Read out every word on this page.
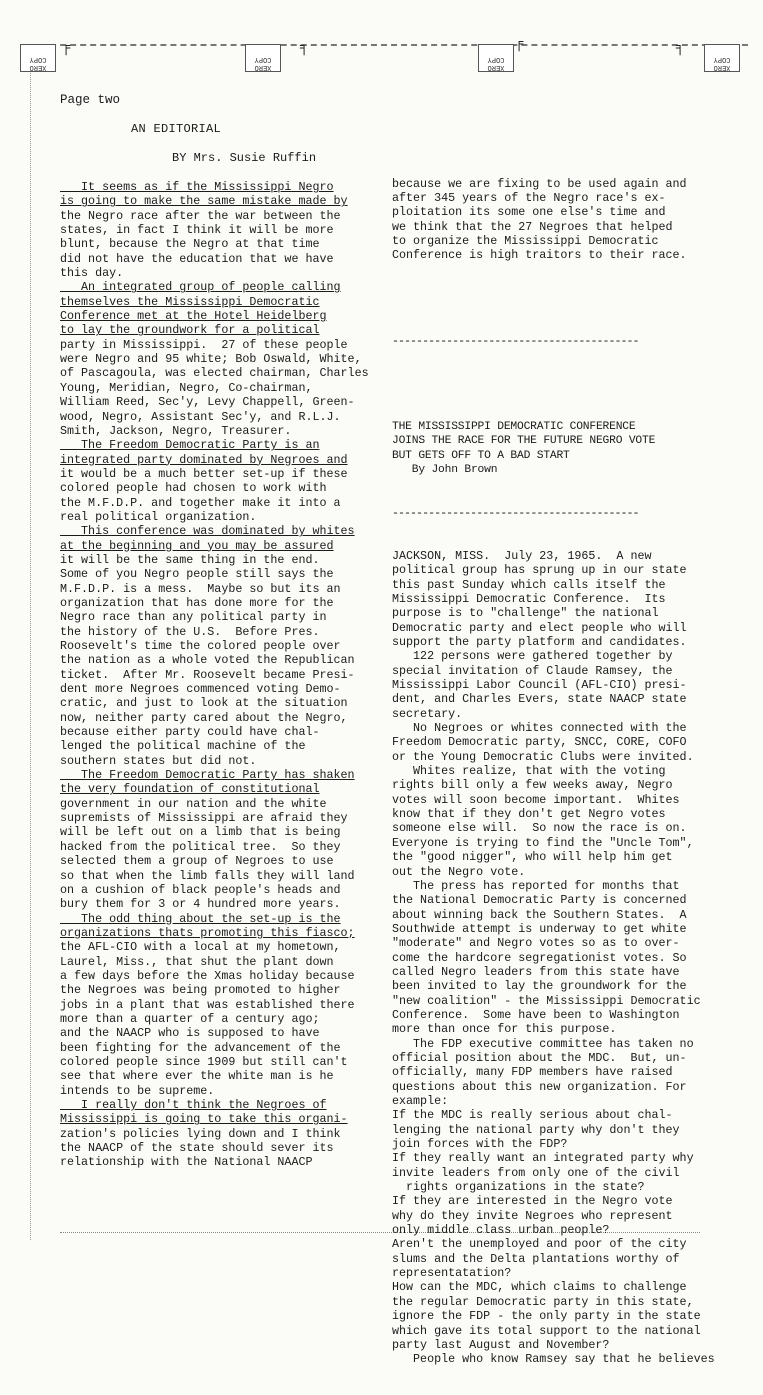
XERO COPY
XERO COPY
XERO COPY
XERO COPY
╒	╕	╒	╕
Page two
AN EDITORIAL
BY Mrs. Susie Ruffin
It seems as if the Mississippi Negro
is going to make the same mistake made by
the Negro race after the war between the
states, in fact I think it will be more
blunt, because the Negro at that time
did not have the education that we have
this day.
An integrated group of people calling
themselves the Mississippi Democratic
Conference met at the Hotel Heidelberg
to lay the groundwork for a political
party in Mississippi.  27 of these people
were Negro and 95 white; Bob Oswald, White,
of Pascagoula, was elected chairman, Charles
Young, Meridian, Negro, Co-chairman,
William Reed, Sec'y, Levy Chappell, Green-
wood, Negro, Assistant Sec'y, and R.L.J.
Smith, Jackson, Negro, Treasurer.
The Freedom Democratic Party is an
integrated party dominated by Negroes and
it would be a much better set-up if these
colored people had chosen to work with
the M.F.D.P. and together make it into a
real political organization.
This conference was dominated by whites
at the beginning and you may be assured
it will be the same thing in the end.
Some of you Negro people still says the
M.F.D.P. is a mess.  Maybe so but its an
organization that has done more for the
Negro race than any political party in
the history of the U.S.  Before Pres.
Roosevelt's time the colored people over
the nation as a whole voted the Republican
ticket.  After Mr. Roosevelt became Presi-
dent more Negroes commenced voting Demo-
cratic, and just to look at the situation
now, neither party cared about the Negro,
because either party could have chal-
lenged the political machine of the
southern states but did not.
The Freedom Democratic Party has shaken
the very foundation of constitutional
government in our nation and the white
supremists of Mississippi are afraid they
will be left out on a limb that is being
hacked from the political tree.  So they
selected them a group of Negroes to use
so that when the limb falls they will land
on a cushion of black people's heads and
bury them for 3 or 4 hundred more years.
The odd thing about the set-up is the
organizations thats promoting this fiasco;
the AFL-CIO with a local at my hometown,
Laurel, Miss., that shut the plant down
a few days before the Xmas holiday because
the Negroes was being promoted to higher
jobs in a plant that was established there
more than a quarter of a century ago;
and the NAACP who is supposed to have
been fighting for the advancement of the
colored people since 1909 but still can't
see that where ever the white man is he
intends to be supreme.
I really don't think the Negroes of
Mississippi is going to take this organi-
zation's policies lying down and I think
the NAACP of the state should sever its
relationship with the National NAACP

because we are fixing to be used again and
after 345 years of the Negro race's ex-
ploitation its some one else's time and
we think that the 27 Negroes that helped
to organize the Mississippi Democratic
Conference is high traitors to their race.

-----------------------------------------

THE MISSISSIPPI DEMOCRATIC CONFERENCE
JOINS THE RACE FOR THE FUTURE NEGRO VOTE
BUT GETS OFF TO A BAD START
By John Brown

-----------------------------------------

JACKSON, MISS.  July 23, 1965.  A new
political group has sprung up in our state
this past Sunday which calls itself the
Mississippi Democratic Conference.  Its
purpose is to "challenge" the national
Democratic party and elect people who will
support the party platform and candidates.
122 persons were gathered together by
special invitation of Claude Ramsey, the
Mississippi Labor Council (AFL-CIO) presi-
dent, and Charles Evers, state NAACP state
secretary.
No Negroes or whites connected with the
Freedom Democratic party, SNCC, CORE, COFO
or the Young Democratic Clubs were invited.
Whites realize, that with the voting
rights bill only a few weeks away, Negro
votes will soon become important.  Whites
know that if they don't get Negro votes
someone else will.  So now the race is on.
Everyone is trying to find the "Uncle Tom",
the "good nigger", who will help him get
out the Negro vote.
The press has reported for months that
the National Democratic Party is concerned
about winning back the Southern States.  A
Southwide attempt is underway to get white
"moderate" and Negro votes so as to over-
come the hardcore segregationist votes. So
called Negro leaders from this state have
been invited to lay the groundwork for the
"new coalition" - the Mississippi Democratic
Conference.  Some have been to Washington
more than once for this purpose.
The FDP executive committee has taken no
official position about the MDC.  But, un-
officially, many FDP members have raised
questions about this new organization. For
example:
If the MDC is really serious about chal-
lenging the national party why don't they
join forces with the FDP?
If they really want an integrated party why
invite leaders from only one of the civil
rights organizations in the state?
If they are interested in the Negro vote
why do they invite Negroes who represent
only middle class urban people?
Aren't the unemployed and poor of the city
slums and the Delta plantations worthy of
representatation?
How can the MDC, which claims to challenge
the regular Democratic party in this state,
ignore the FDP - the only party in the state
which gave its total support to the national
party last August and November?
People who know Ramsey say that he believes
